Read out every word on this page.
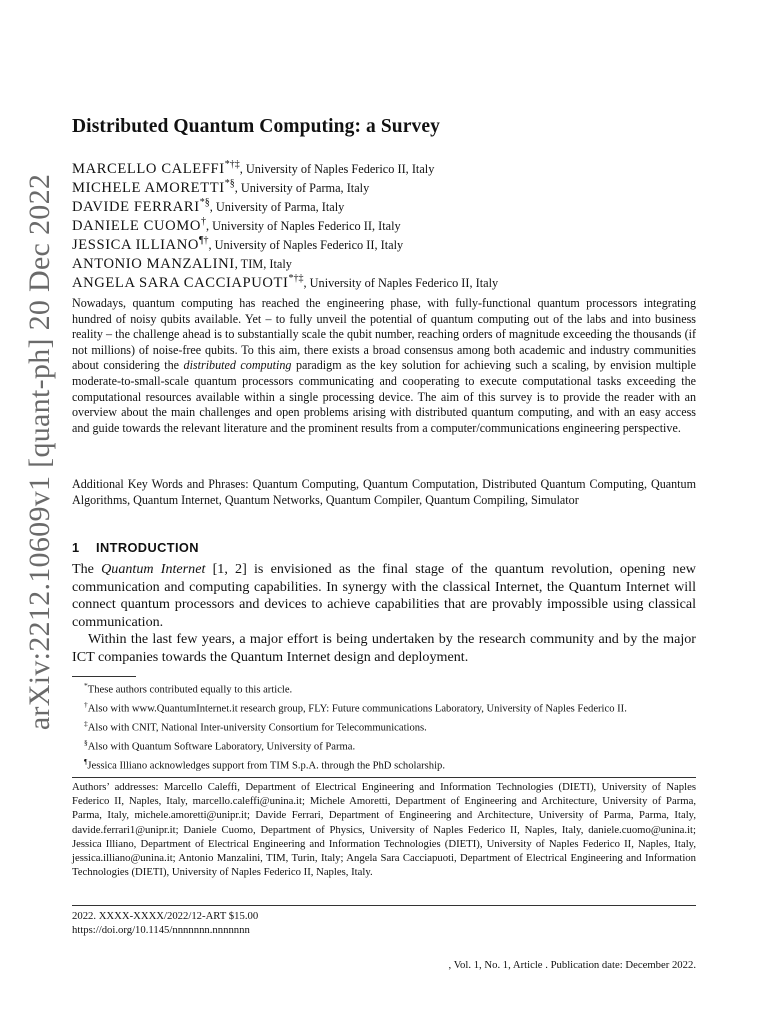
arXiv:2212.10609v1 [quant-ph] 20 Dec 2022
Distributed Quantum Computing: a Survey
MARCELLO CALEFFI*†‡, University of Naples Federico II, Italy
MICHELE AMORETTI*§, University of Parma, Italy
DAVIDE FERRARI*§, University of Parma, Italy
DANIELE CUOMO†, University of Naples Federico II, Italy
JESSICA ILLIANO¶†, University of Naples Federico II, Italy
ANTONIO MANZALINI, TIM, Italy
ANGELA SARA CACCIAPUOTI*†‡, University of Naples Federico II, Italy

Nowadays, quantum computing has reached the engineering phase, with fully-functional quantum processors integrating hundred of noisy qubits available. Yet – to fully unveil the potential of quantum computing out of the labs and into business reality – the challenge ahead is to substantially scale the qubit number, reaching orders of magnitude exceeding the thousands (if not millions) of noise-free qubits. To this aim, there exists a broad consensus among both academic and industry communities about considering the distributed computing paradigm as the key solution for achieving such a scaling, by envision multiple moderate-to-small-scale quantum processors communicating and cooperating to execute computational tasks exceeding the computational resources available within a single processing device. The aim of this survey is to provide the reader with an overview about the main challenges and open problems arising with distributed quantum computing, and with an easy access and guide towards the relevant literature and the prominent results from a computer/communications engineering perspective.

Additional Key Words and Phrases: Quantum Computing, Quantum Computation, Distributed Quantum Computing, Quantum Algorithms, Quantum Internet, Quantum Networks, Quantum Compiler, Quantum Compiling, Simulator

1 INTRODUCTION

The Quantum Internet [1, 2] is envisioned as the final stage of the quantum revolution, opening new communication and computing capabilities. In synergy with the classical Internet, the Quantum Internet will connect quantum processors and devices to achieve capabilities that are provably impossible using classical communication.

Within the last few years, a major effort is being undertaken by the research community and by the major ICT companies towards the Quantum Internet design and deployment.

*These authors contributed equally to this article.
†Also with www.QuantumInternet.it research group, FLY: Future communications Laboratory, University of Naples Federico II.
‡Also with CNIT, National Inter-university Consortium for Telecommunications.
§Also with Quantum Software Laboratory, University of Parma.
¶Jessica Illiano acknowledges support from TIM S.p.A. through the PhD scholarship.

Authors’ addresses: Marcello Caleffi, Department of Electrical Engineering and Information Technologies (DIETI), University of Naples Federico II, Naples, Italy, marcello.caleffi@unina.it; Michele Amoretti, Department of Engineering and Architecture, University of Parma, Parma, Italy, michele.amoretti@unipr.it; Davide Ferrari, Department of Engineering and Architecture, University of Parma, Parma, Italy, davide.ferrari1@unipr.it; Daniele Cuomo, Department of Physics, University of Naples Federico II, Naples, Italy, daniele.cuomo@unina.it; Jessica Illiano, Department of Electrical Engineering and Information Technologies (DIETI), University of Naples Federico II, Naples, Italy, jessica.illiano@unina.it; Antonio Manzalini, TIM, Turin, Italy; Angela Sara Cacciapuoti, Department of Electrical Engineering and Information Technologies (DIETI), University of Naples Federico II, Naples, Italy.

2022. XXXX-XXXX/2022/12-ART $15.00
https://doi.org/10.1145/nnnnnnn.nnnnnnn
, Vol. 1, No. 1, Article . Publication date: December 2022.
